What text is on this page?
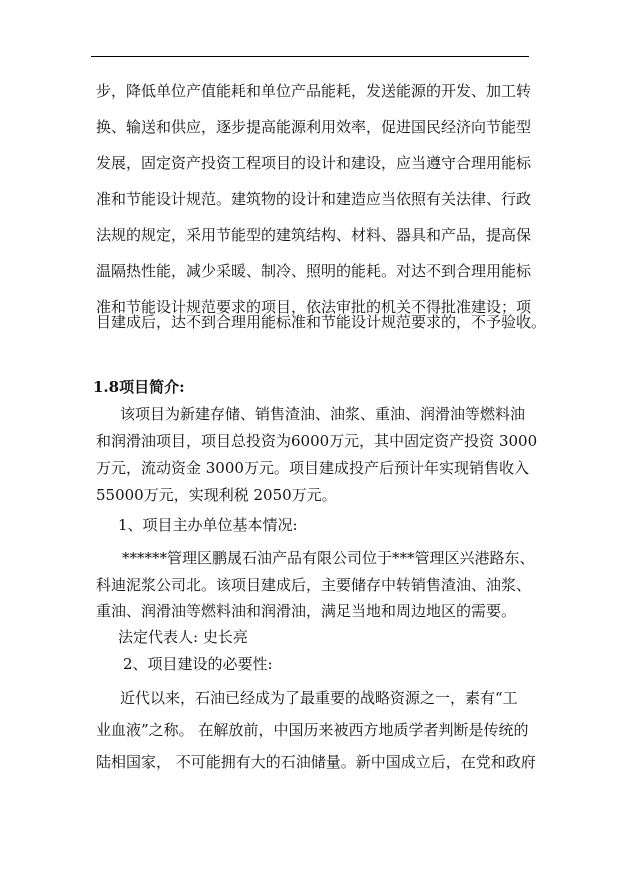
步，降低单位产值能耗和单位产品能耗，发送能源的开发、加工转
换、输送和供应，逐步提高能源利用效率，促进国民经济向节能型
发展，固定资产投资工程项目的设计和建设，应当遵守合理用能标
准和节能设计规范。建筑物的设计和建造应当依照有关法律、行政
法规的规定，采用节能型的建筑结构、材料、器具和产品，提高保
温隔热性能，减少采暖、制冷、照明的能耗。对达不到合理用能标
准和节能设计规范要求的项目，依法审批的机关不得批准建设；项
目建成后，达不到合理用能标准和节能设计规范要求的，不予验收。
1.8项目简介:
该项目为新建存储、销售渣油、油浆、重油、润滑油等燃料油
和润滑油项目，项目总投资为6000万元，其中固定资产投资 3000
万元，流动资金 3000万元。项目建成投产后预计年实现销售收入
55000万元，实现利税 2050万元。
1、项目主办单位基本情况:
******管理区鹏晟石油产品有限公司位于***管理区兴港路东、
科迪泥浆公司北。该项目建成后，主要储存中转销售渣油、油浆、
重油、润滑油等燃料油和润滑油，满足当地和周边地区的需要。
法定代表人: 史长亮
2、项目建设的必要性:
近代以来，石油已经成为了最重要的战略资源之一，素有“工
业血液”之称。 在解放前，中国历来被西方地质学者判断是传统的
陆相国家， 不可能拥有大的石油储量。新中国成立后，在党和政府
